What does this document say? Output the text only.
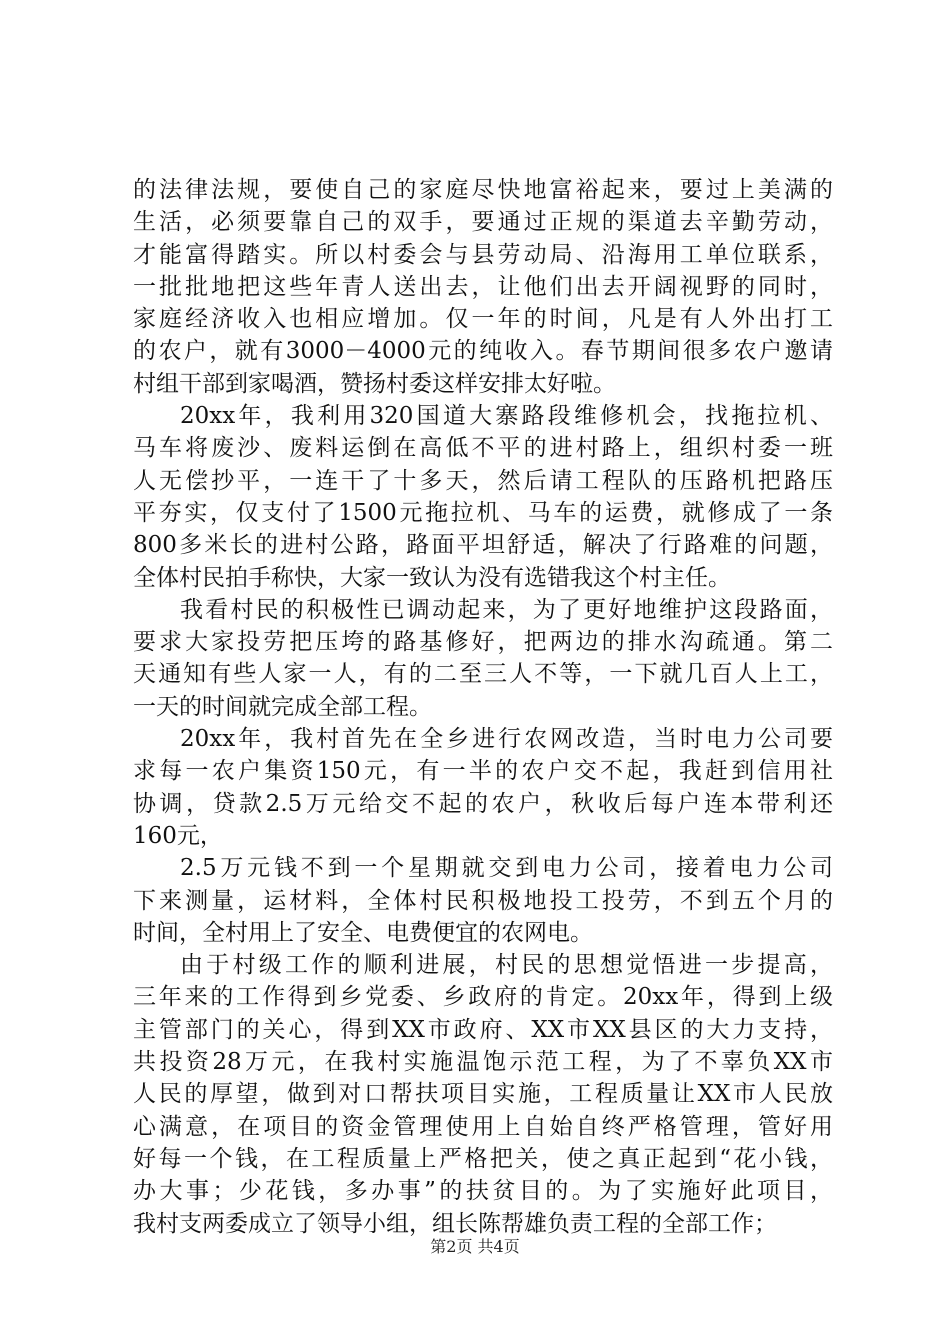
的法律法规，要使自己的家庭尽快地富裕起来，要过上美满的
生活，必须要靠自己的双手，要通过正规的渠道去辛勤劳动，
才能富得踏实。所以村委会与县劳动局、沿海用工单位联系，
一批批地把这些年青人送出去，让他们出去开阔视野的同时，
家庭经济收入也相应增加。仅一年的时间，凡是有人外出打工
的农户，就有3000－4000元的纯收入。春节期间很多农户邀请
村组干部到家喝酒，赞扬村委这样安排太好啦。
20xx年，我利用320国道大寨路段维修机会，找拖拉机、
马车将废沙、废料运倒在高低不平的进村路上，组织村委一班
人无偿抄平，一连干了十多天，然后请工程队的压路机把路压
平夯实，仅支付了1500元拖拉机、马车的运费，就修成了一条
800多米长的进村公路，路面平坦舒适，解决了行路难的问题，
全体村民拍手称快，大家一致认为没有选错我这个村主任。
我看村民的积极性已调动起来，为了更好地维护这段路面，
要求大家投劳把压垮的路基修好，把两边的排水沟疏通。第二
天通知有些人家一人，有的二至三人不等，一下就几百人上工，
一天的时间就完成全部工程。
20xx年，我村首先在全乡进行农网改造，当时电力公司要
求每一农户集资150元，有一半的农户交不起，我赶到信用社
协调，贷款2.5万元给交不起的农户，秋收后每户连本带利还
160元，
2.5万元钱不到一个星期就交到电力公司，接着电力公司
下来测量，运材料，全体村民积极地投工投劳，不到五个月的
时间，全村用上了安全、电费便宜的农网电。
由于村级工作的顺利进展，村民的思想觉悟进一步提高，
三年来的工作得到乡党委、乡政府的肯定。20xx年，得到上级
主管部门的关心，得到XX市政府、XX市XX县区的大力支持，
共投资28万元，在我村实施温饱示范工程，为了不辜负XX市
人民的厚望，做到对口帮扶项目实施，工程质量让XX市人民放
心满意，在项目的资金管理使用上自始自终严格管理，管好用
好每一个钱，在工程质量上严格把关，使之真正起到“花小钱，
办大事；少花钱，多办事”的扶贫目的。为了实施好此项目，
我村支两委成立了领导小组，组长陈帮雄负责工程的全部工作；
第2页 共4页
